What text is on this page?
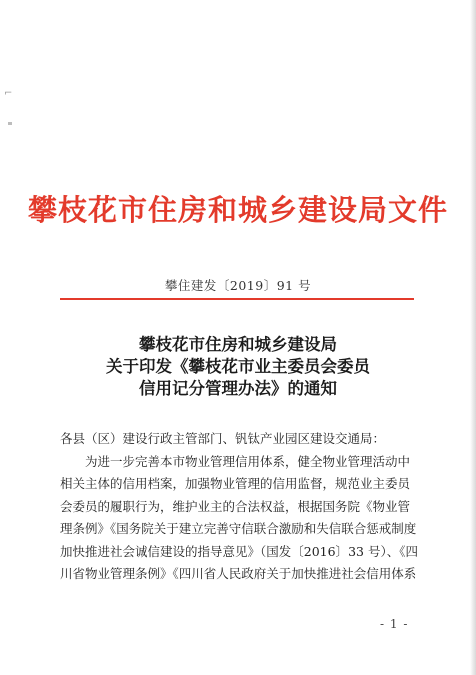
⌐
攀枝花市住房和城乡建设局文件
攀住建发〔2019〕91 号
攀枝花市住房和城乡建设局
关于印发《攀枝花市业主委员会委员
信用记分管理办法》的通知
各县（区）建设行政主管部门、钒钛产业园区建设交通局：
为进一步完善本市物业管理信用体系，健全物业管理活动中
相关主体的信用档案，加强物业管理的信用监督，规范业主委员
会委员的履职行为，维护业主的合法权益，根据国务院《物业管
理条例》《国务院关于建立完善守信联合激励和失信联合惩戒制度
加快推进社会诚信建设的指导意见》（国发〔2016〕33 号）、《四
川省物业管理条例》《四川省人民政府关于加快推进社会信用体系
- 1 -
